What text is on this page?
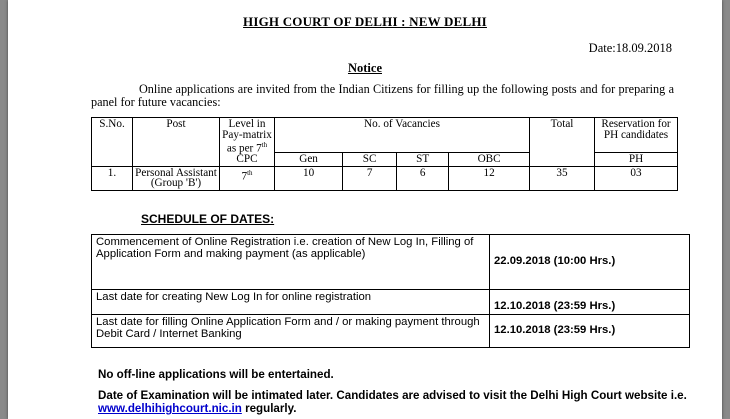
HIGH COURT OF DELHI : NEW DELHI
Date:18.09.2018
Notice
Online applications are invited from the Indian Citizens for filling up the following posts and for preparing a panel for future vacancies:
S.No.	Post	Level in Pay-matrix as per 7th CPC	No. of Vacancies				Total	Reservation for PH candidates
			Gen	SC	ST	OBC		PH
1.	Personal Assistant (Group 'B')	7th	10	7	6	12	35	03
SCHEDULE OF DATES:
Commencement of Online Registration i.e. creation of New Log In, Filling of Application Form and making payment (as applicable)	22.09.2018 (10:00 Hrs.)
Last date for creating New Log In for online registration	12.10.2018 (23:59 Hrs.)
Last date for filling Online Application Form and / or making payment through Debit Card / Internet Banking	12.10.2018 (23:59 Hrs.)
No off-line applications will be entertained.
Date of Examination will be intimated later. Candidates are advised to visit the Delhi High Court website i.e. www.delhihighcourt.nic.in regularly.
